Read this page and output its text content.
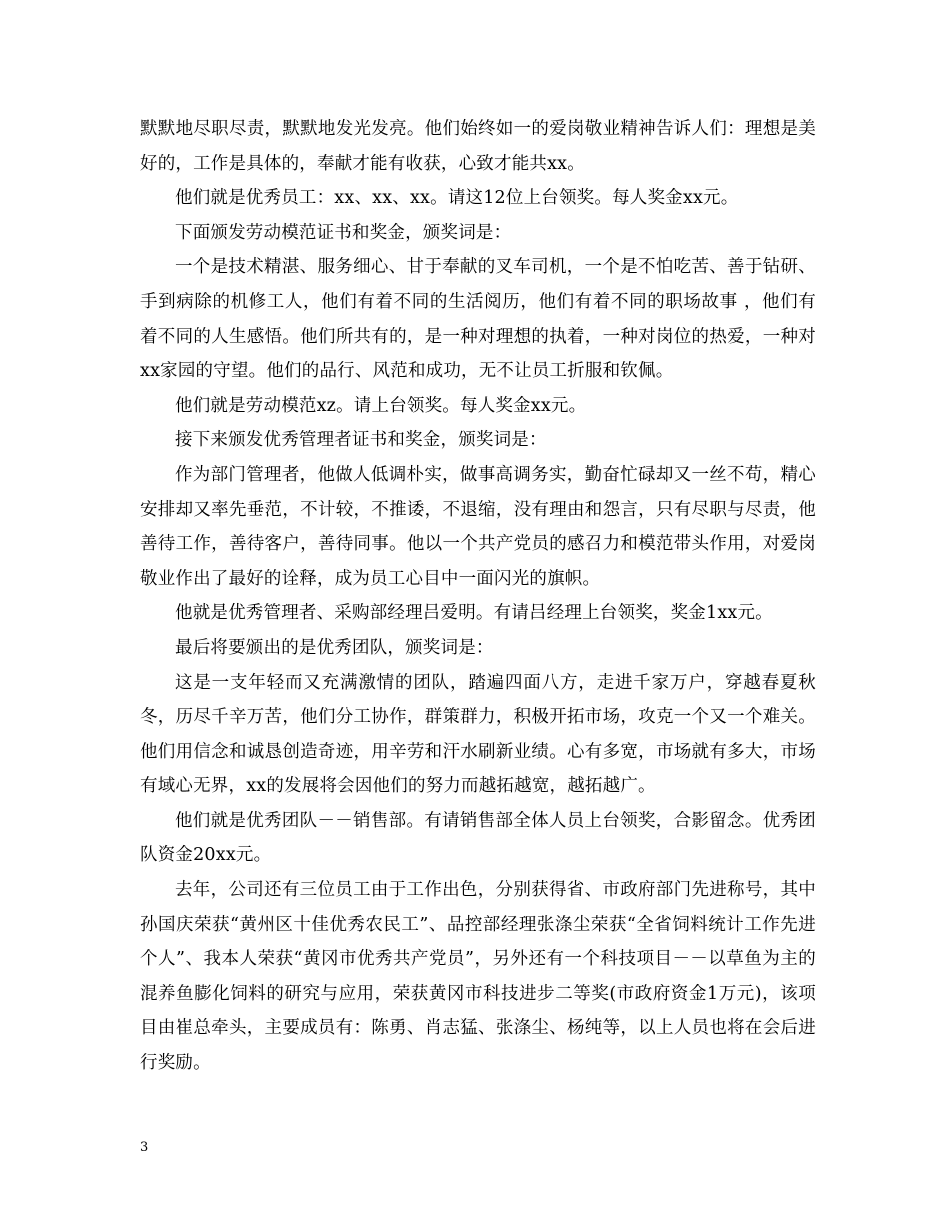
默默地尽职尽责，默默地发光发亮。他们始终如一的爱岗敬业精神告诉人们：理想是美好的，工作是具体的，奉献才能有收获，心致才能共xx。

他们就是优秀员工：xx、xx、xx。请这12位上台领奖。每人奖金xx元。

下面颁发劳动模范证书和奖金，颁奖词是：

一个是技术精湛、服务细心、甘于奉献的叉车司机，一个是不怕吃苦、善于钻研、手到病除的机修工人，他们有着不同的生活阅历，他们有着不同的职场故事 ，他们有着不同的人生感悟。他们所共有的，是一种对理想的执着，一种对岗位的热爱，一种对xx家园的守望。他们的品行、风范和成功，无不让员工折服和钦佩。

他们就是劳动模范xz。请上台领奖。每人奖金xx元。

接下来颁发优秀管理者证书和奖金，颁奖词是：

作为部门管理者，他做人低调朴实，做事高调务实，勤奋忙碌却又一丝不苟，精心安排却又率先垂范，不计较，不推诿，不退缩，没有理由和怨言，只有尽职与尽责，他善待工作，善待客户，善待同事。他以一个共产党员的感召力和模范带头作用，对爱岗敬业作出了最好的诠释，成为员工心目中一面闪光的旗帜。

他就是优秀管理者、采购部经理吕爱明。有请吕经理上台领奖，奖金1xx元。

最后将要颁出的是优秀团队，颁奖词是：

这是一支年轻而又充满激情的团队，踏遍四面八方，走进千家万户，穿越春夏秋冬，历尽千辛万苦，他们分工协作，群策群力，积极开拓市场，攻克一个又一个难关。他们用信念和诚恳创造奇迹，用辛劳和汗水刷新业绩。心有多宽，市场就有多大，市场有域心无界，xx的发展将会因他们的努力而越拓越宽，越拓越广。

他们就是优秀团队－－销售部。有请销售部全体人员上台领奖，合影留念。优秀团队资金20xx元。

去年，公司还有三位员工由于工作出色，分别获得省、市政府部门先进称号，其中孙国庆荣获“黄州区十佳优秀农民工”、品控部经理张涤尘荣获“全省饲料统计工作先进个人”、我本人荣获“黄冈市优秀共产党员”，另外还有一个科技项目－－以草鱼为主的混养鱼膨化饲料的研究与应用，荣获黄冈市科技进步二等奖(市政府资金1万元)，该项目由崔总牵头，主要成员有：陈勇、肖志猛、张涤尘、杨纯等，以上人员也将在会后进行奖励。

3
